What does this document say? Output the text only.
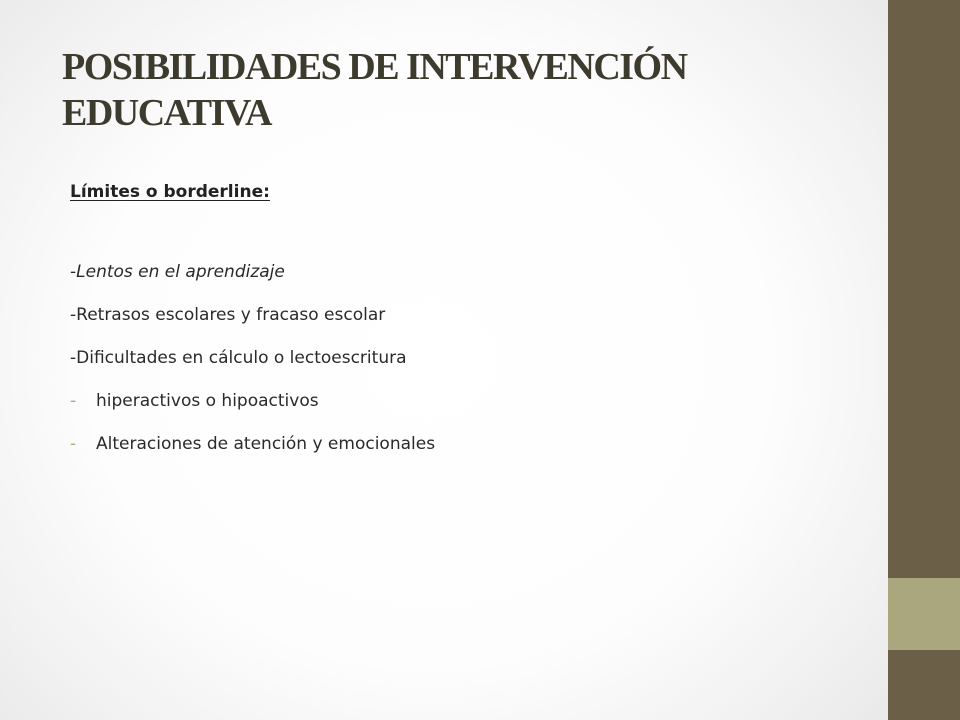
POSIBILIDADES DE INTERVENCIÓN
EDUCATIVA

Límites o borderline:

-Lentos en el aprendizaje
-Retrasos escolares y fracaso escolar
-Dificultades en cálculo o lectoescritura
- hiperactivos o hipoactivos
- Alteraciones de atención y emocionales
